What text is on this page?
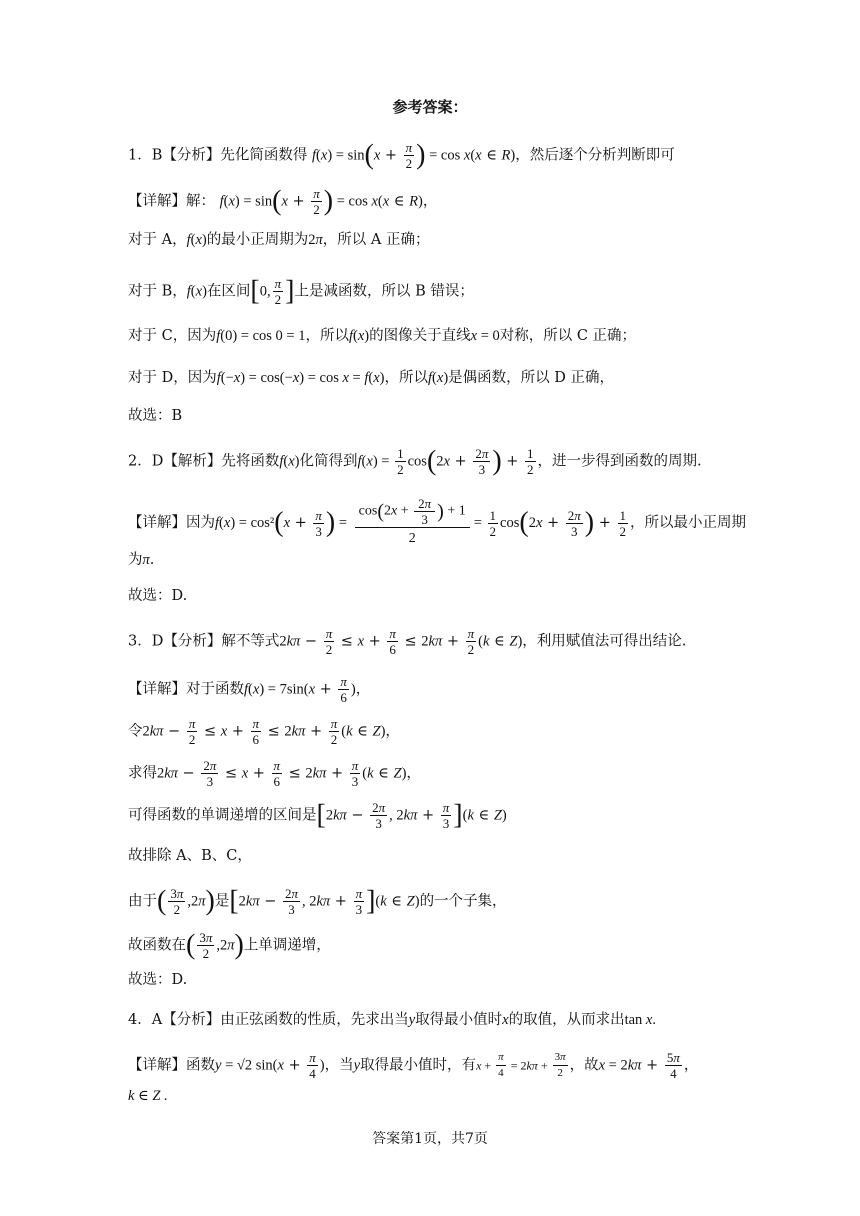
参考答案：
1．B【分析】先化简函数得 $f(x) = \sin(x + \frac{\pi}{2}$ ) = cos x(x ∈ R)，然后逐个分析判断即可
【详解】解： $f(x) = \sin(x + \frac{\pi}{2}$ ) = cos x(x ∈ R)，
对于 A，f(x)的最小正周期为2π，所以 A 正确；
对于 B，f(x)在区间[0, $\frac{\pi}{2}$ ]上是减函数，所以 B 错误；
对于 C，因为f(0) = cos 0 = 1，所以f(x)的图像关于直线x = 0对称，所以 C 正确；
对于 D，因为f(−x) = cos(−x) = cos x = f(x)，所以f(x)是偶函数，所以 D 正确，
故选：B
2．D【解析】先将函数f(x)化简得到$f(x) = \frac{1}{2} \cos(2x + \frac{2\pi}{3}$ ) + $\frac{1}{2}$ ，进一步得到函数的周期.
【详解】因为$f(x) = \cos^2(x + \frac{\pi}{3}$ ) = $\frac{\cos(2x + \frac{2\pi}{3} ) + 1}{2} = \frac{1}{2} \cos(2x + \frac{2\pi}{3}$ ) + $\frac{1}{2}$ ，所以最小正周期
为π.
故选：D.
3．D【分析】解不等式$2k\pi - \frac{\pi}{2} \le x + \frac{\pi}{6} \le 2k\pi + \frac{\pi}{2} (k$ ∈ Z)，利用赋值法可得出结论.
【详解】对于函数$f(x) = 7\sin(x + \frac{\pi}{6}$ )，
令$2k\pi - \frac{\pi}{2} \le x + \frac{\pi}{6} \le 2k\pi + \frac{\pi}{2} (k$ ∈ Z)，
求得$2k\pi - \frac{2\pi}{3} \le x + \frac{\pi}{6} \le 2k\pi + \frac{\pi}{3} (k$ ∈ Z)，
可得函数的单调递增的区间是[$2k\pi - \frac{2\pi}{3}$ , $2k\pi + \frac{\pi}{3} ](k$ ∈ Z)
故排除 A、B、C，
由于( $\frac{3\pi}{2} ,2\pi$)是[$2k\pi - \frac{2\pi}{3}$ , $2k\pi + \frac{\pi}{3} ](k$ ∈ Z)的一个子集，
故函数在( $\frac{3\pi}{2} ,2\pi$)上单调递增，
故选：D.
4．A【分析】由正弦函数的性质，先求出当y取得最小值时x的取值，从而求出tan x.
【详解】函数y = √2 $\sin(x + \frac{\pi}{4}$ )，当y取得最小值时，有$x + \frac{\pi}{4} = 2k\pi + \frac{3\pi}{2}$ ，故$x = 2k\pi + \frac{5\pi}{4}$ ，
k ∈ Z .
答案第1页，共7页
